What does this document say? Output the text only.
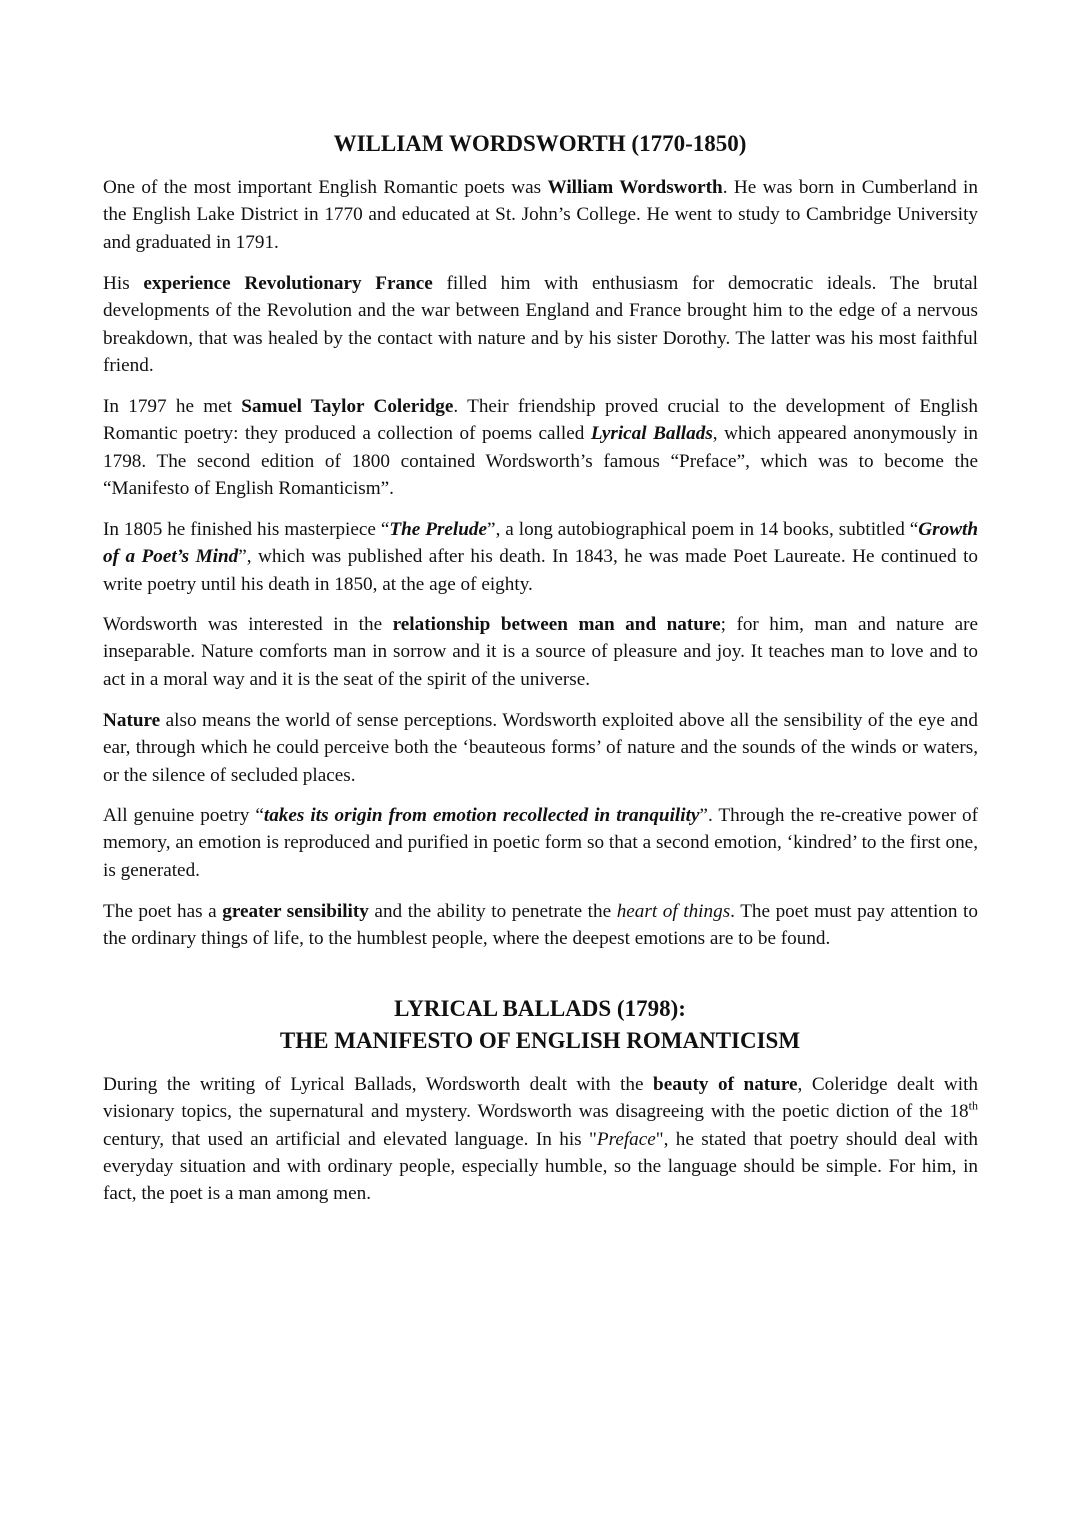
WILLIAM WORDSWORTH (1770-1850)

One of the most important English Romantic poets was William Wordsworth. He was born in Cumberland in the English Lake District in 1770 and educated at St. John’s College. He went to study to Cambridge University and graduated in 1791.

His experience Revolutionary France filled him with enthusiasm for democratic ideals. The brutal developments of the Revolution and the war between England and France brought him to the edge of a nervous breakdown, that was healed by the contact with nature and by his sister Dorothy. The latter was his most faithful friend.

In 1797 he met Samuel Taylor Coleridge. Their friendship proved crucial to the development of English Romantic poetry: they produced a collection of poems called Lyrical Ballads, which appeared anonymously in 1798. The second edition of 1800 contained Wordsworth’s famous “Preface”, which was to become the “Manifesto of English Romanticism”.

In 1805 he finished his masterpiece “The Prelude”, a long autobiographical poem in 14 books, subtitled “Growth of a Poet’s Mind”, which was published after his death. In 1843, he was made Poet Laureate. He continued to write poetry until his death in 1850, at the age of eighty.

Wordsworth was interested in the relationship between man and nature; for him, man and nature are inseparable. Nature comforts man in sorrow and it is a source of pleasure and joy. It teaches man to love and to act in a moral way and it is the seat of the spirit of the universe.

Nature also means the world of sense perceptions. Wordsworth exploited above all the sensibility of the eye and ear, through which he could perceive both the ‘beauteous forms’ of nature and the sounds of the winds or waters, or the silence of secluded places.

All genuine poetry “takes its origin from emotion recollected in tranquility”. Through the re-creative power of memory, an emotion is reproduced and purified in poetic form so that a second emotion, ‘kindred’ to the first one, is generated.

The poet has a greater sensibility and the ability to penetrate the heart of things. The poet must pay attention to the ordinary things of life, to the humblest people, where the deepest emotions are to be found.

LYRICAL BALLADS (1798):
THE MANIFESTO OF ENGLISH ROMANTICISM

During the writing of Lyrical Ballads, Wordsworth dealt with the beauty of nature, Coleridge dealt with visionary topics, the supernatural and mystery. Wordsworth was disagreeing with the poetic diction of the 18th century, that used an artificial and elevated language. In his "Preface", he stated that poetry should deal with everyday situation and with ordinary people, especially humble, so the language should be simple. For him, in fact, the poet is a man among men.
